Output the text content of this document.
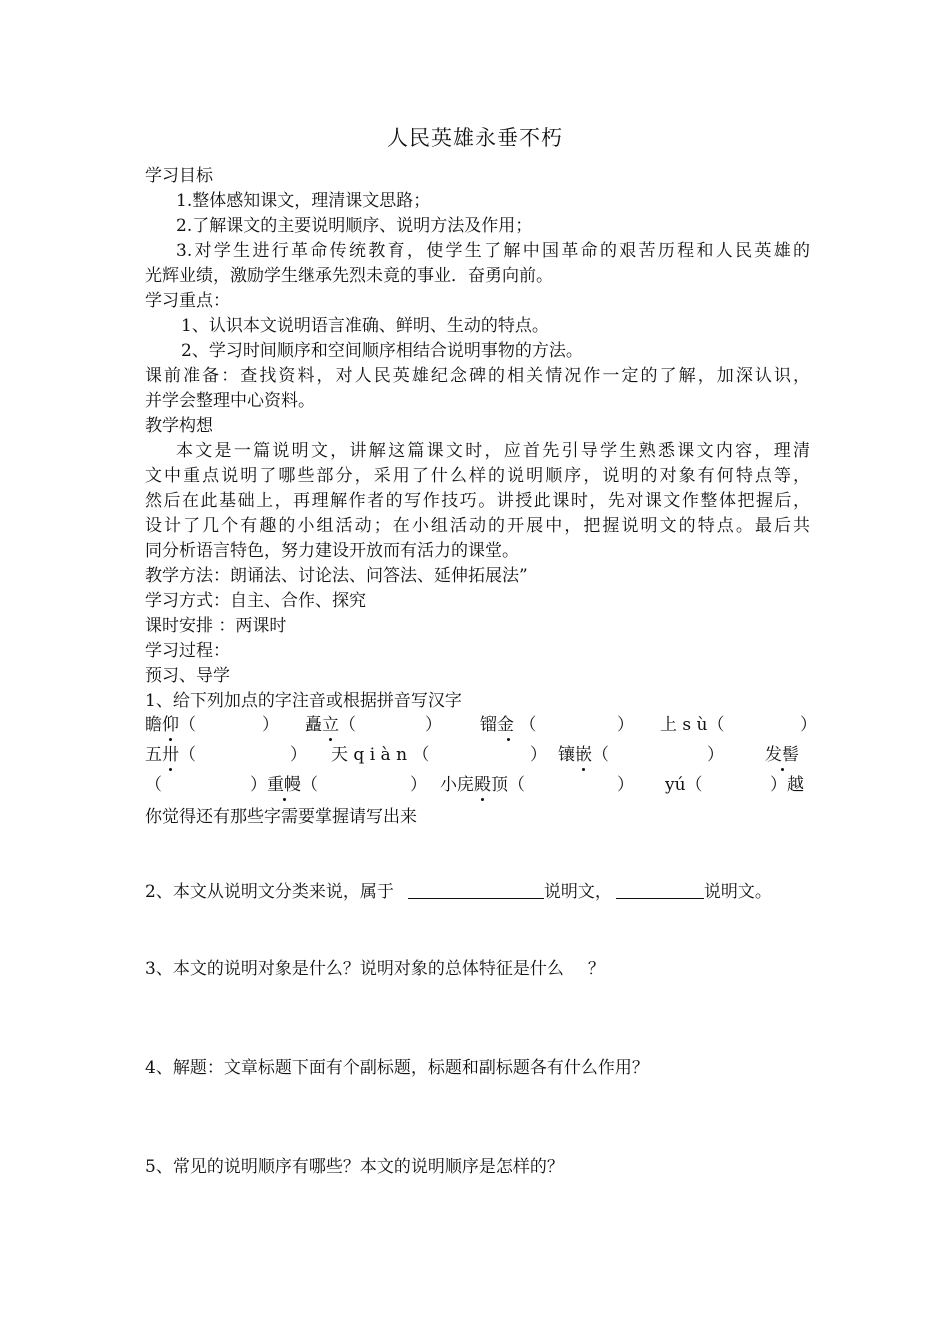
人民英雄永垂不朽
学习目标
1.整体感知课文，理清课文思路；
2.了解课文的主要说明顺序、说明方法及作用；
3.对学生进行革命传统教育，使学生了解中国革命的艰苦历程和人民英雄的
光辉业绩，激励学生继承先烈未竟的事业．奋勇向前。
学习重点：
1、认识本文说明语言准确、鲜明、生动的特点。
2、学习时间顺序和空间顺序相结合说明事物的方法。
课前准备：查找资料，对人民英雄纪念碑的相关情况作一定的了解，加深认识，
并学会整理中心资料。
教学构想
本文是一篇说明文，讲解这篇课文时，应首先引导学生熟悉课文内容，理清
文中重点说明了哪些部分，采用了什么样的说明顺序，说明的对象有何特点等，
然后在此基础上，再理解作者的写作技巧。讲授此课时，先对课文作整体把握后，
设计了几个有趣的小组活动；在小组活动的开展中，把握说明文的特点。最后共
同分析语言特色，努力建设开放而有活力的课堂。
教学方法：朗诵法、讨论法、问答法、延伸拓展法”
学习方式：自主、合作、探究
课时安排 ：两课时
学习过程：
预习、导学
1、给下列加点的字注音或根据拼音写汉字
瞻仰（	） 矗立（	） 镏金 （	） 上 s ù（	）
五卅（	） 天 q i à n （	） 镶嵌（	） 发髻
（	）重幔（	） 小庑殿顶（	） yú（	）越
你觉得还有那些字需要掌握请写出来
2、本文从说明文分类来说，属于	说明文，	说明文。
3、本文的说明对象是什么？说明对象的总体特征是什么 ？
4、解题：文章标题下面有个副标题，标题和副标题各有什么作用？
5、常见的说明顺序有哪些？本文的说明顺序是怎样的？
